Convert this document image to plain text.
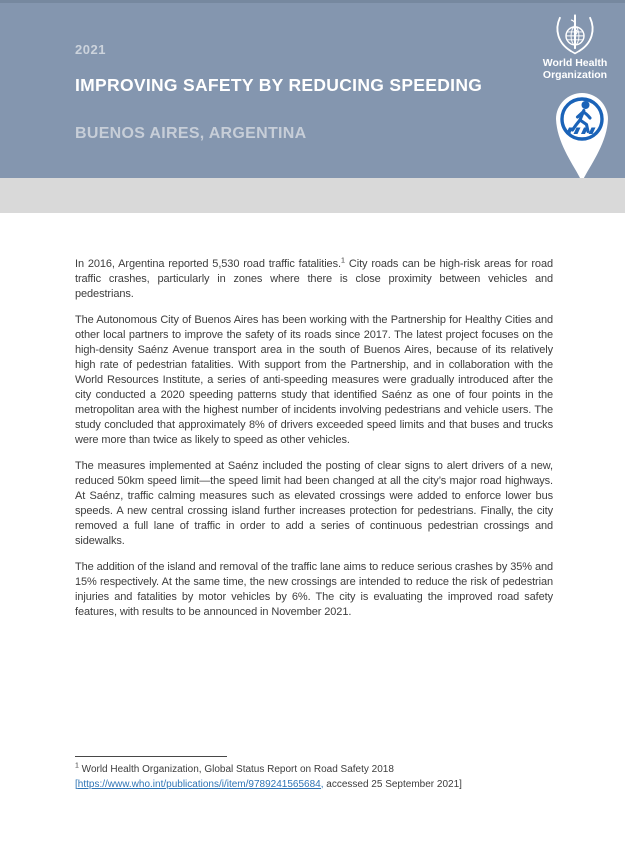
2021
IMPROVING SAFETY BY REDUCING SPEEDING
BUENOS AIRES, ARGENTINA
World Health
Organization

In 2016, Argentina reported 5,530 road traffic fatalities.$^1$ City roads can be high-risk areas for road traffic crashes, particularly in zones where there is close proximity between vehicles and pedestrians.

The Autonomous City of Buenos Aires has been working with the Partnership for Healthy Cities and other local partners to improve the safety of its roads since 2017. The latest project focuses on the high-density Saénz Avenue transport area in the south of Buenos Aires, because of its relatively high rate of pedestrian fatalities. With support from the Partnership, and in collaboration with the World Resources Institute, a series of anti-speeding measures were gradually introduced after the city conducted a 2020 speeding patterns study that identified Saénz as one of four points in the metropolitan area with the highest number of incidents involving pedestrians and vehicle users. The study concluded that approximately 8% of drivers exceeded speed limits and that buses and trucks were more than twice as likely to speed as other vehicles.

The measures implemented at Saénz included the posting of clear signs to alert drivers of a new, reduced 50km speed limit—the speed limit had been changed at all the city’s major road highways. At Saénz, traffic calming measures such as elevated crossings were added to enforce lower bus speeds. A new central crossing island further increases protection for pedestrians. Finally, the city removed a full lane of traffic in order to add a series of continuous pedestrian crossings and sidewalks.

The addition of the island and removal of the traffic lane aims to reduce serious crashes by 35% and 15% respectively. At the same time, the new crossings are intended to reduce the risk of pedestrian injuries and fatalities by motor vehicles by 6%. The city is evaluating the improved road safety features, with results to be announced in November 2021.

$^1$ World Health Organization, Global Status Report on Road Safety 2018
[https://www.who.int/publications/i/item/9789241565684, accessed 25 September 2021]
